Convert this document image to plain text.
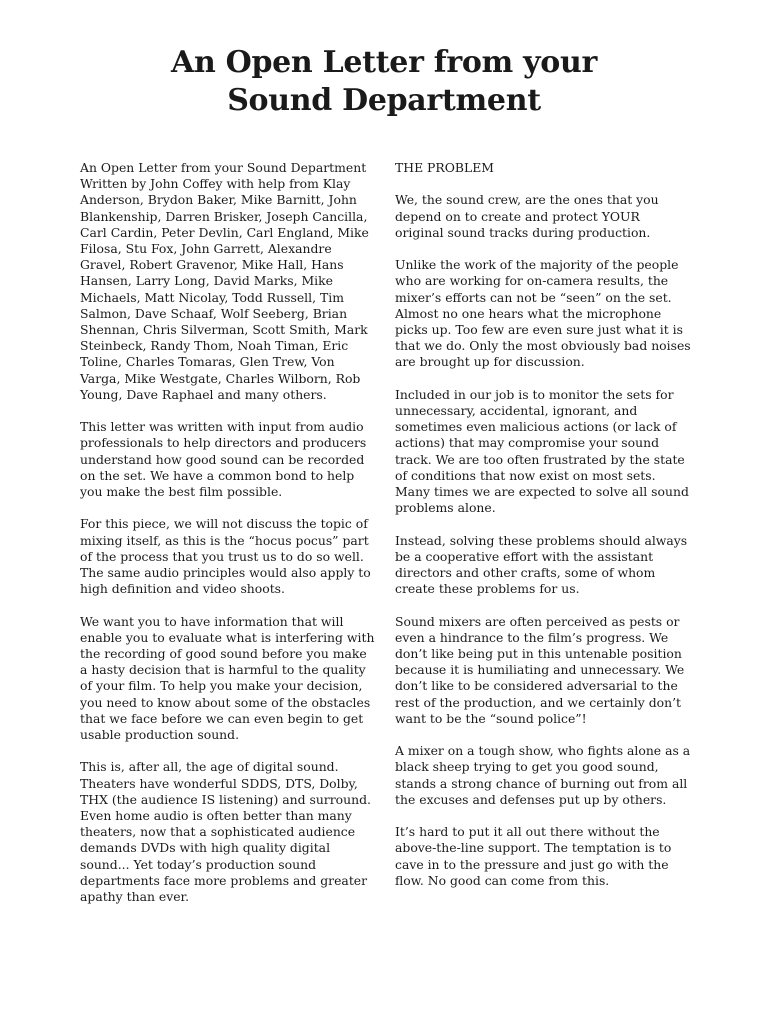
An Open Letter from your
Sound Department

An Open Letter from your Sound Department Written by John Coffey with help from Klay Anderson, Brydon Baker, Mike Barnitt, John Blankenship, Darren Brisker, Joseph Cancilla, Carl Cardin, Peter Devlin, Carl England, Mike Filosa, Stu Fox, John Garrett, Alexandre Gravel, Robert Gravenor, Mike Hall, Hans Hansen, Larry Long, David Marks, Mike Michaels, Matt Nicolay, Todd Russell, Tim Salmon, Dave Schaaf, Wolf Seeberg, Brian Shennan, Chris Silverman, Scott Smith, Mark Steinbeck, Randy Thom, Noah Timan, Eric Toline, Charles Tomaras, Glen Trew, Von Varga, Mike Westgate, Charles Wilborn, Rob Young, Dave Raphael and many others.

This letter was written with input from audio professionals to help directors and producers understand how good sound can be recorded on the set. We have a common bond to help you make the best film possible.

For this piece, we will not discuss the topic of mixing itself, as this is the “hocus pocus” part of the process that you trust us to do so well. The same audio principles would also apply to high definition and video shoots.

We want you to have information that will enable you to evaluate what is interfering with the recording of good sound before you make a hasty decision that is harmful to the quality of your film. To help you make your decision, you need to know about some of the obstacles that we face before we can even begin to get usable production sound.

This is, after all, the age of digital sound. Theaters have wonderful SDDS, DTS, Dolby, THX (the audience IS listening) and surround. Even home audio is often better than many theaters, now that a sophisticated audience demands DVDs with high quality digital sound... Yet today’s production sound departments face more problems and greater apathy than ever.

THE PROBLEM

We, the sound crew, are the ones that you depend on to create and protect YOUR original sound tracks during production.

Unlike the work of the majority of the people who are working for on-camera results, the mixer’s efforts can not be “seen” on the set. Almost no one hears what the microphone picks up. Too few are even sure just what it is that we do. Only the most obviously bad noises are brought up for discussion.

Included in our job is to monitor the sets for unnecessary, accidental, ignorant, and sometimes even malicious actions (or lack of actions) that may compromise your sound track. We are too often frustrated by the state of conditions that now exist on most sets. Many times we are expected to solve all sound problems alone.

Instead, solving these problems should always be a cooperative effort with the assistant directors and other crafts, some of whom create these problems for us.

Sound mixers are often perceived as pests or even a hindrance to the film’s progress. We don’t like being put in this untenable position because it is humiliating and unnecessary. We don’t like to be considered adversarial to the rest of the production, and we certainly don’t want to be the “sound police”!

A mixer on a tough show, who fights alone as a black sheep trying to get you good sound, stands a strong chance of burning out from all the excuses and defenses put up by others.

It’s hard to put it all out there without the above-the-line support. The temptation is to cave in to the pressure and just go with the flow. No good can come from this.
